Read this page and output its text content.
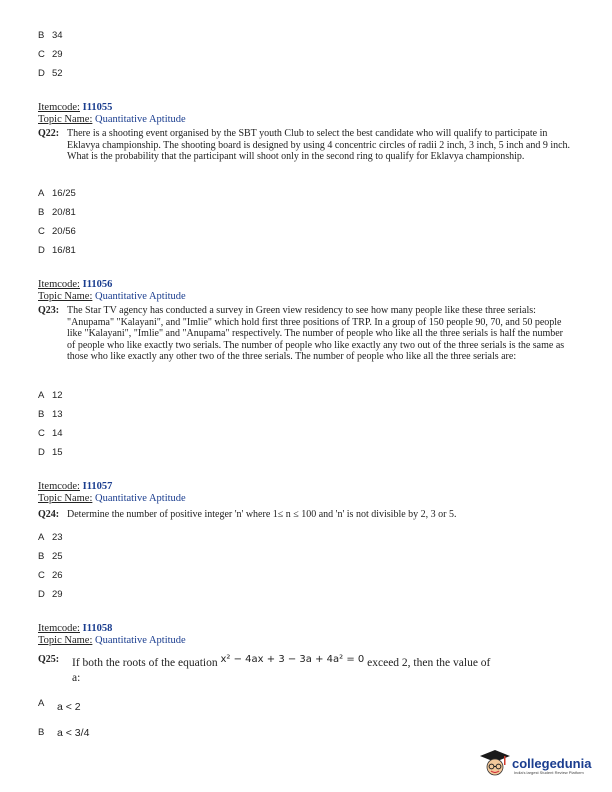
B 34
C 29
D 52
Itemcode: I11055
Topic Name: Quantitative Aptitude
Q22: There is a shooting event organised by the SBT youth Club to select the best candidate who will qualify to participate in Eklavya championship. The shooting board is designed by using 4 concentric circles of radii 2 inch, 3 inch, 5 inch and 9 inch. What is the probability that the participant will shoot only in the second ring to qualify for Eklavya championship.
A 16/25
B 20/81
C 20/56
D 16/81
Itemcode: I11056
Topic Name: Quantitative Aptitude
Q23: The Star TV agency has conducted a survey in Green view residency to see how many people like these three serials: "Anupama" "Kalayani", and "Imlie" which hold first three positions of TRP. In a group of 150 people 90, 70, and 50 people like "Kalayani", "Imlie" and "Anupama" respectively. The number of people who like all the three serials is half the number of people who like exactly two serials. The number of people who like exactly any two out of the three serials is the same as those who like exactly any other two of the three serials. The number of people who like all the three serials are:
A 12
B 13
C 14
D 15
Itemcode: I11057
Topic Name: Quantitative Aptitude
Q24: Determine the number of positive integer 'n' where 1≤ n ≤ 100 and 'n' is not divisible by 2, 3 or 5.
A 23
B 25
C 26
D 29
Itemcode: I11058
Topic Name: Quantitative Aptitude
Q25:	If both the roots of the equation x² − 4ax + 3 − 3a + 4a² = 0 exceed 2, then the value of
a:
A	a < 2
B	a < 3/4
collegedunia
India's largest Student Review Platform
